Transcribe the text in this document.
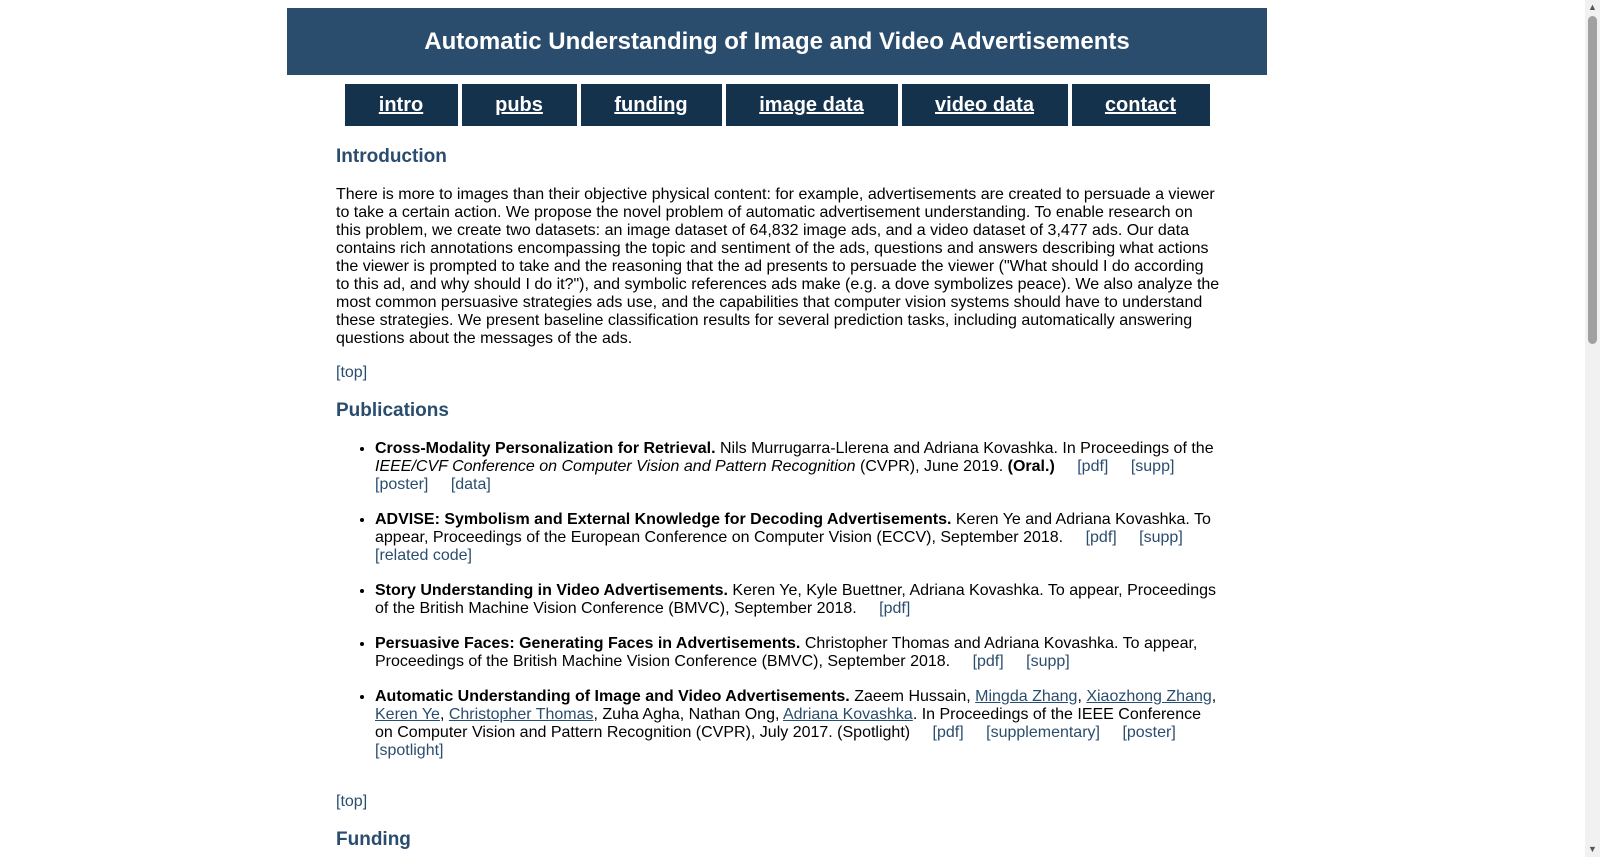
Automatic Understanding of Image and Video Advertisements
intro	pubs	funding	image data	video data	contact
Introduction
There is more to images than their objective physical content: for example, advertisements are created to persuade a viewer to take a certain action. We propose the novel problem of automatic advertisement understanding. To enable research on this problem, we create two datasets: an image dataset of 64,832 image ads, and a video dataset of 3,477 ads. Our data contains rich annotations encompassing the topic and sentiment of the ads, questions and answers describing what actions the viewer is prompted to take and the reasoning that the ad presents to persuade the viewer ("What should I do according to this ad, and why should I do it?"), and symbolic references ads make (e.g. a dove symbolizes peace). We also analyze the most common persuasive strategies ads use, and the capabilities that computer vision systems should have to understand these strategies. We present baseline classification results for several prediction tasks, including automatically answering questions about the messages of the ads.
[top]
Publications
• Cross-Modality Personalization for Retrieval. Nils Murrugarra-Llerena and Adriana Kovashka. In Proceedings of the IEEE/CVF Conference on Computer Vision and Pattern Recognition (CVPR), June 2019. (Oral.) [pdf] [supp] [poster] [data]
• ADVISE: Symbolism and External Knowledge for Decoding Advertisements. Keren Ye and Adriana Kovashka. To appear, Proceedings of the European Conference on Computer Vision (ECCV), September 2018. [pdf] [supp] [related code]
• Story Understanding in Video Advertisements. Keren Ye, Kyle Buettner, Adriana Kovashka. To appear, Proceedings of the British Machine Vision Conference (BMVC), September 2018. [pdf]
• Persuasive Faces: Generating Faces in Advertisements. Christopher Thomas and Adriana Kovashka. To appear, Proceedings of the British Machine Vision Conference (BMVC), September 2018. [pdf] [supp]
• Automatic Understanding of Image and Video Advertisements. Zaeem Hussain, Mingda Zhang, Xiaozhong Zhang, Keren Ye, Christopher Thomas, Zuha Agha, Nathan Ong, Adriana Kovashka. In Proceedings of the IEEE Conference on Computer Vision and Pattern Recognition (CVPR), July 2017. (Spotlight) [pdf] [supplementary] [poster] [spotlight]
[top]
Funding
▲
▼
